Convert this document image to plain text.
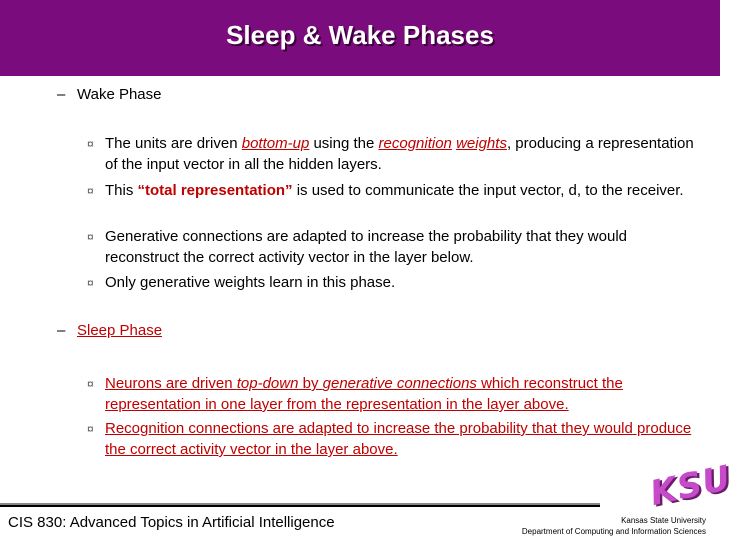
Sleep & Wake Phases
– Wake Phase
¤ The units are driven bottom-up using the recognition weights, producing a representation of the input vector in all the hidden layers.
¤ This “total representation” is used to communicate the input vector, d, to the receiver.
¤ Generative connections are adapted to increase the probability that they would reconstruct the correct activity vector in the layer below.
¤ Only generative weights learn in this phase.
– Sleep Phase
¤ Neurons are driven top-down by generative connections which reconstruct the representation in one layer from the representation in the layer above.
¤ Recognition connections are adapted to increase the probability that they would produce the correct activity vector in the layer above.
CIS 830: Advanced Topics in Artificial Intelligence
KSU
Kansas State University
Department of Computing and Information Sciences
